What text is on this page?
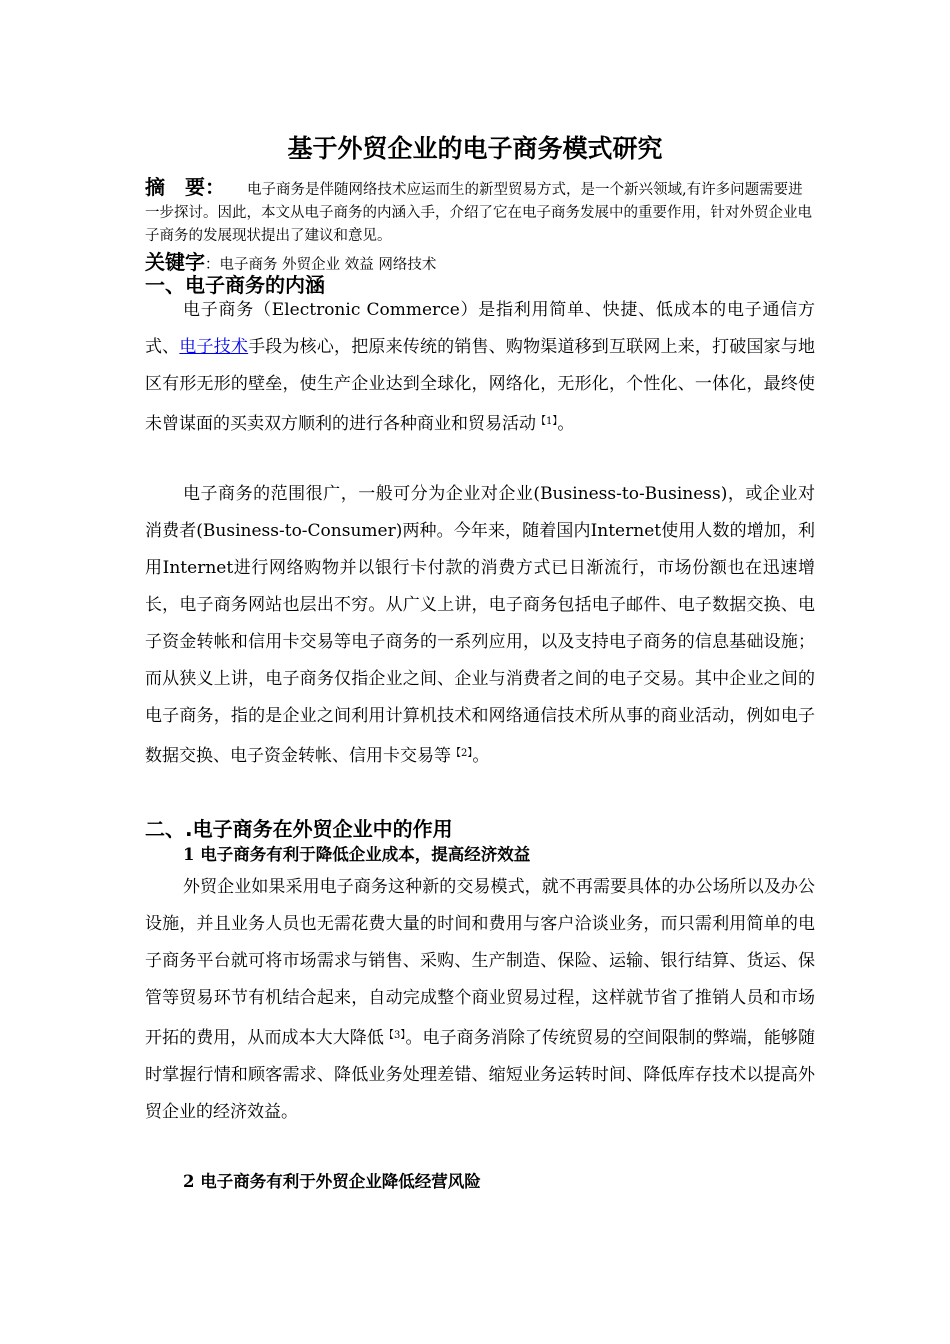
基于外贸企业的电子商务模式研究

摘　要： 电子商务是伴随网络技术应运而生的新型贸易方式，是一个新兴领域,有许多问题需要进一步探讨。因此，本文从电子商务的内涵入手，介绍了它在电子商务发展中的重要作用，针对外贸企业电子商务的发展现状提出了建议和意见。

关键字：电子商务 外贸企业 效益 网络技术

一、电子商务的内涵

电子商务（Electronic Commerce）是指利用简单、快捷、低成本的电子通信方式、电子技术手段为核心，把原来传统的销售、购物渠道移到互联网上来，打破国家与地区有形无形的壁垒，使生产企业达到全球化，网络化，无形化，个性化、一体化，最终使未曾谋面的买卖双方顺利的进行各种商业和贸易活动$^{【1】}$。

电子商务的范围很广，一般可分为企业对企业(Business-to-Business)，或企业对消费者(Business-to-Consumer)两种。今年来，随着国内Internet使用人数的增加，利用Internet进行网络购物并以银行卡付款的消费方式已日渐流行，市场份额也在迅速增长，电子商务网站也层出不穷。从广义上讲，电子商务包括电子邮件、电子数据交换、电子资金转帐和信用卡交易等电子商务的一系列应用，以及支持电子商务的信息基础设施；而从狭义上讲，电子商务仅指企业之间、企业与消费者之间的电子交易。其中企业之间的电子商务，指的是企业之间利用计算机技术和网络通信技术所从事的商业活动，例如电子数据交换、电子资金转帐、信用卡交易等$^{【2】}$。

二、.电子商务在外贸企业中的作用
1 电子商务有利于降低企业成本，提高经济效益

外贸企业如果采用电子商务这种新的交易模式，就不再需要具体的办公场所以及办公设施，并且业务人员也无需花费大量的时间和费用与客户洽谈业务，而只需利用简单的电子商务平台就可将市场需求与销售、采购、生产制造、保险、运输、银行结算、货运、保管等贸易环节有机结合起来，自动完成整个商业贸易过程，这样就节省了推销人员和市场开拓的费用，从而成本大大降低$^{【3】}$。电子商务消除了传统贸易的空间限制的弊端，能够随时掌握行情和顾客需求、降低业务处理差错、缩短业务运转时间、降低库存技术以提高外贸企业的经济效益。

2 电子商务有利于外贸企业降低经营风险
